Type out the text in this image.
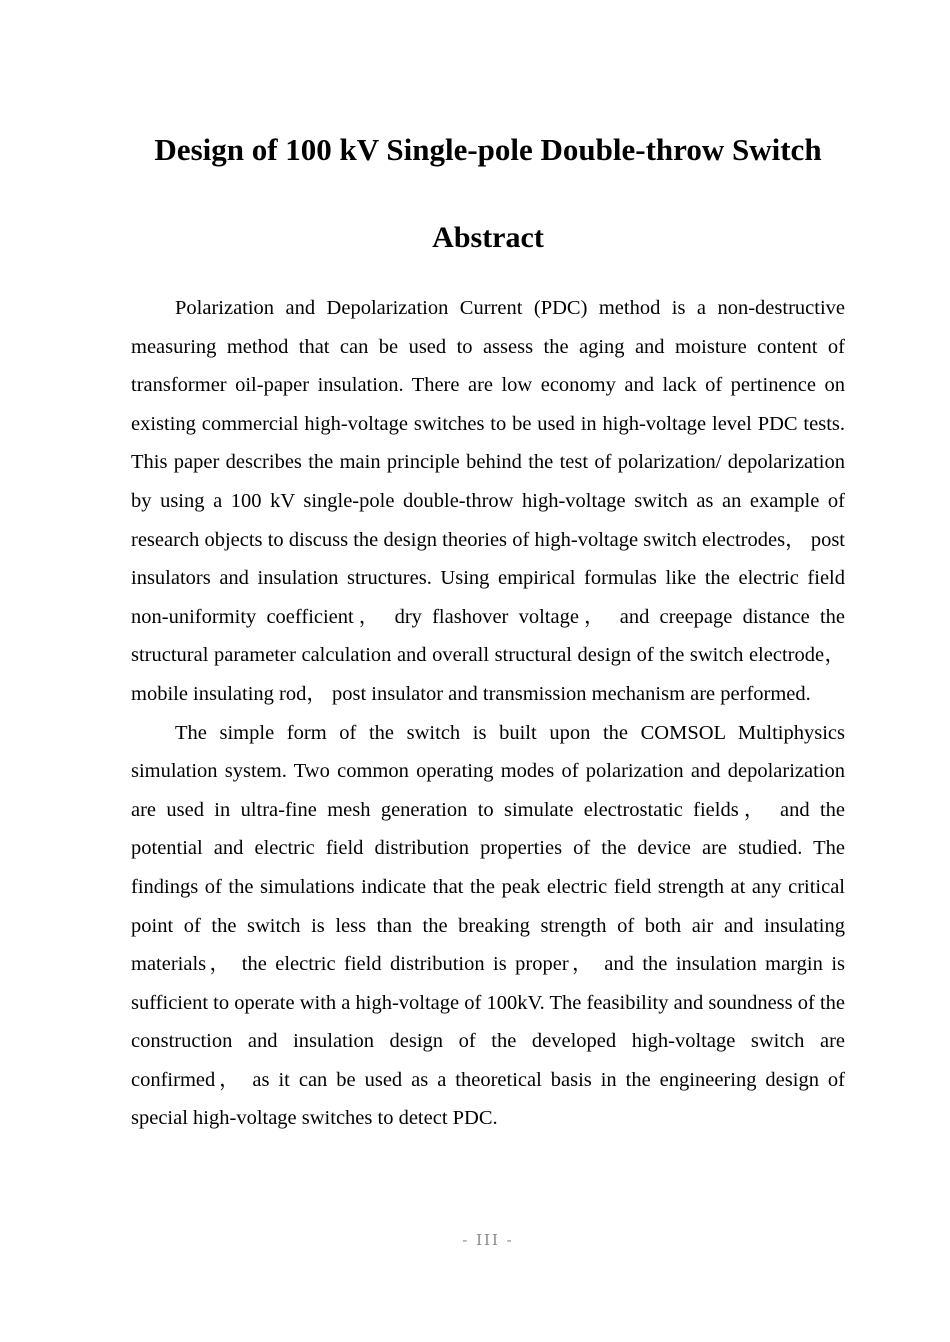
Design of 100 kV Single-pole Double-throw Switch
Abstract

Polarization and Depolarization Current (PDC) method is a non-destructive measuring method that can be used to assess the aging and moisture content of transformer oil-paper insulation. There are low economy and lack of pertinence on existing commercial high-voltage switches to be used in high-voltage level PDC tests. This paper describes the main principle behind the test of polarization/ depolarization by using a 100 kV single-pole double-throw high-voltage switch as an example of research objects to discuss the design theories of high-voltage switch electrodes， post insulators and insulation structures. Using empirical formulas like the electric field non-uniformity coefficient， dry flashover voltage， and creepage distance the structural parameter calculation and overall structural design of the switch electrode， mobile insulating rod， post insulator and transmission mechanism are performed.

The simple form of the switch is built upon the COMSOL Multiphysics simulation system. Two common operating modes of polarization and depolarization are used in ultra-fine mesh generation to simulate electrostatic fields， and the potential and electric field distribution properties of the device are studied. The findings of the simulations indicate that the peak electric field strength at any critical point of the switch is less than the breaking strength of both air and insulating materials， the electric field distribution is proper， and the insulation margin is sufficient to operate with a high-voltage of 100kV. The feasibility and soundness of the construction and insulation design of the developed high-voltage switch are confirmed， as it can be used as a theoretical basis in the engineering design of special high-voltage switches to detect PDC.

- III -
